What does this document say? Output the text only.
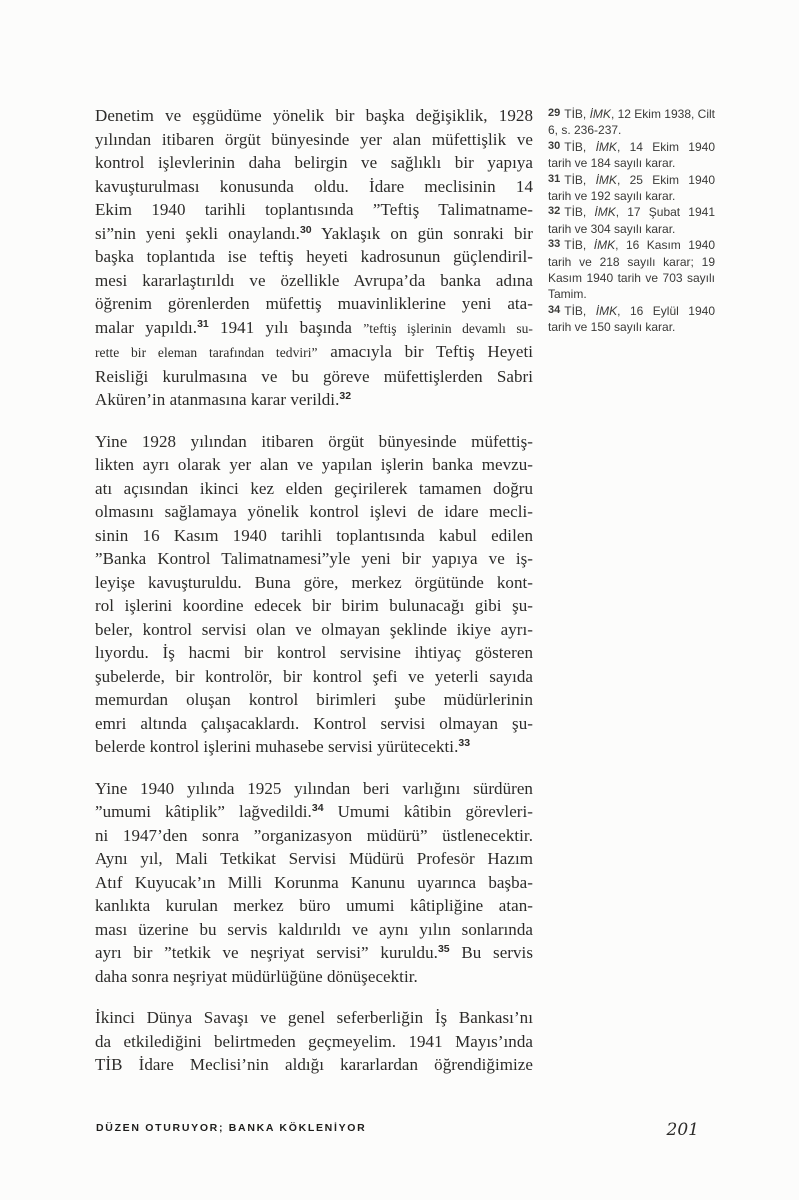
Denetim ve eşgüdüme yönelik bir başka değişiklik, 1928
yılından itibaren örgüt bünyesinde yer alan müfettişlik ve
kontrol işlevlerinin daha belirgin ve sağlıklı bir yapıya
kavuşturulması konusunda oldu. İdare meclisinin 14
Ekim 1940 tarihli toplantısında ”Teftiş Talimatname-
si”nin yeni şekli onaylandı.$^{30}$ Yaklaşık on gün sonraki bir
başka toplantıda ise teftiş heyeti kadrosunun güçlendiril-
mesi kararlaştırıldı ve özellikle Avrupa’da banka adına
öğrenim görenlerden müfettiş muavinliklerine yeni ata-
malar yapıldı.$^{31}$ 1941 yılı başında ”teftiş işlerinin devamlı su-
rette bir eleman tarafından tedviri” amacıyla bir Teftiş Heyeti
Reisliği kurulmasına ve bu göreve müfettişlerden Sabri
Aküren’in atanmasına karar verildi.$^{32}$
Yine 1928 yılından itibaren örgüt bünyesinde müfettiş-
likten ayrı olarak yer alan ve yapılan işlerin banka mevzu-
atı açısından ikinci kez elden geçirilerek tamamen doğru
olmasını sağlamaya yönelik kontrol işlevi de idare mecli-
sinin 16 Kasım 1940 tarihli toplantısında kabul edilen
”Banka Kontrol Talimatnamesi”yle yeni bir yapıya ve iş-
leyişe kavuşturuldu. Buna göre, merkez örgütünde kont-
rol işlerini koordine edecek bir birim bulunacağı gibi şu-
beler, kontrol servisi olan ve olmayan şeklinde ikiye ayrı-
lıyordu. İş hacmi bir kontrol servisine ihtiyaç gösteren
şubelerde, bir kontrolör, bir kontrol şefi ve yeterli sayıda
memurdan oluşan kontrol birimleri şube müdürlerinin
emri altında çalışacaklardı. Kontrol servisi olmayan şu-
belerde kontrol işlerini muhasebe servisi yürütecekti.$^{33}$
Yine 1940 yılında 1925 yılından beri varlığını sürdüren
”umumi kâtiplik” lağvedildi.$^{34}$ Umumi kâtibin görevleri-
ni 1947’den sonra ”organizasyon müdürü” üstlenecektir.
Aynı yıl, Mali Tetkikat Servisi Müdürü Profesör Hazım
Atıf Kuyucak’ın Milli Korunma Kanunu uyarınca başba-
kanlıkta kurulan merkez büro umumi kâtipliğine atan-
ması üzerine bu servis kaldırıldı ve aynı yılın sonlarında
ayrı bir ”tetkik ve neşriyat servisi” kuruldu.$^{35}$ Bu servis
daha sonra neşriyat müdürlüğüne dönüşecektir.
İkinci Dünya Savaşı ve genel seferberliğin İş Bankası’nı
da etkilediğini belirtmeden geçmeyelim. 1941 Mayıs’ında
TİB İdare Meclisi’nin aldığı kararlardan öğrendiğimize
29 TİB, İMK, 12 Ekim 1938, Cilt 6, s. 236-237.
30 TİB, İMK, 14 Ekim 1940 tarih ve 184 sayılı karar.
31 TİB, İMK, 25 Ekim 1940 tarih ve 192 sayılı karar.
32 TİB, İMK, 17 Şubat 1941 tarih ve 304 sayılı karar.
33 TİB, İMK, 16 Kasım 1940 tarih ve 218 sayılı karar; 19 Kasım 1940 tarih ve 703 sayılı Tamim.
34 TİB, İMK, 16 Eylül 1940 tarih ve 150 sayılı karar.
DÜZEN OTURUYOR; BANKA KÖKLENİYOR	201
